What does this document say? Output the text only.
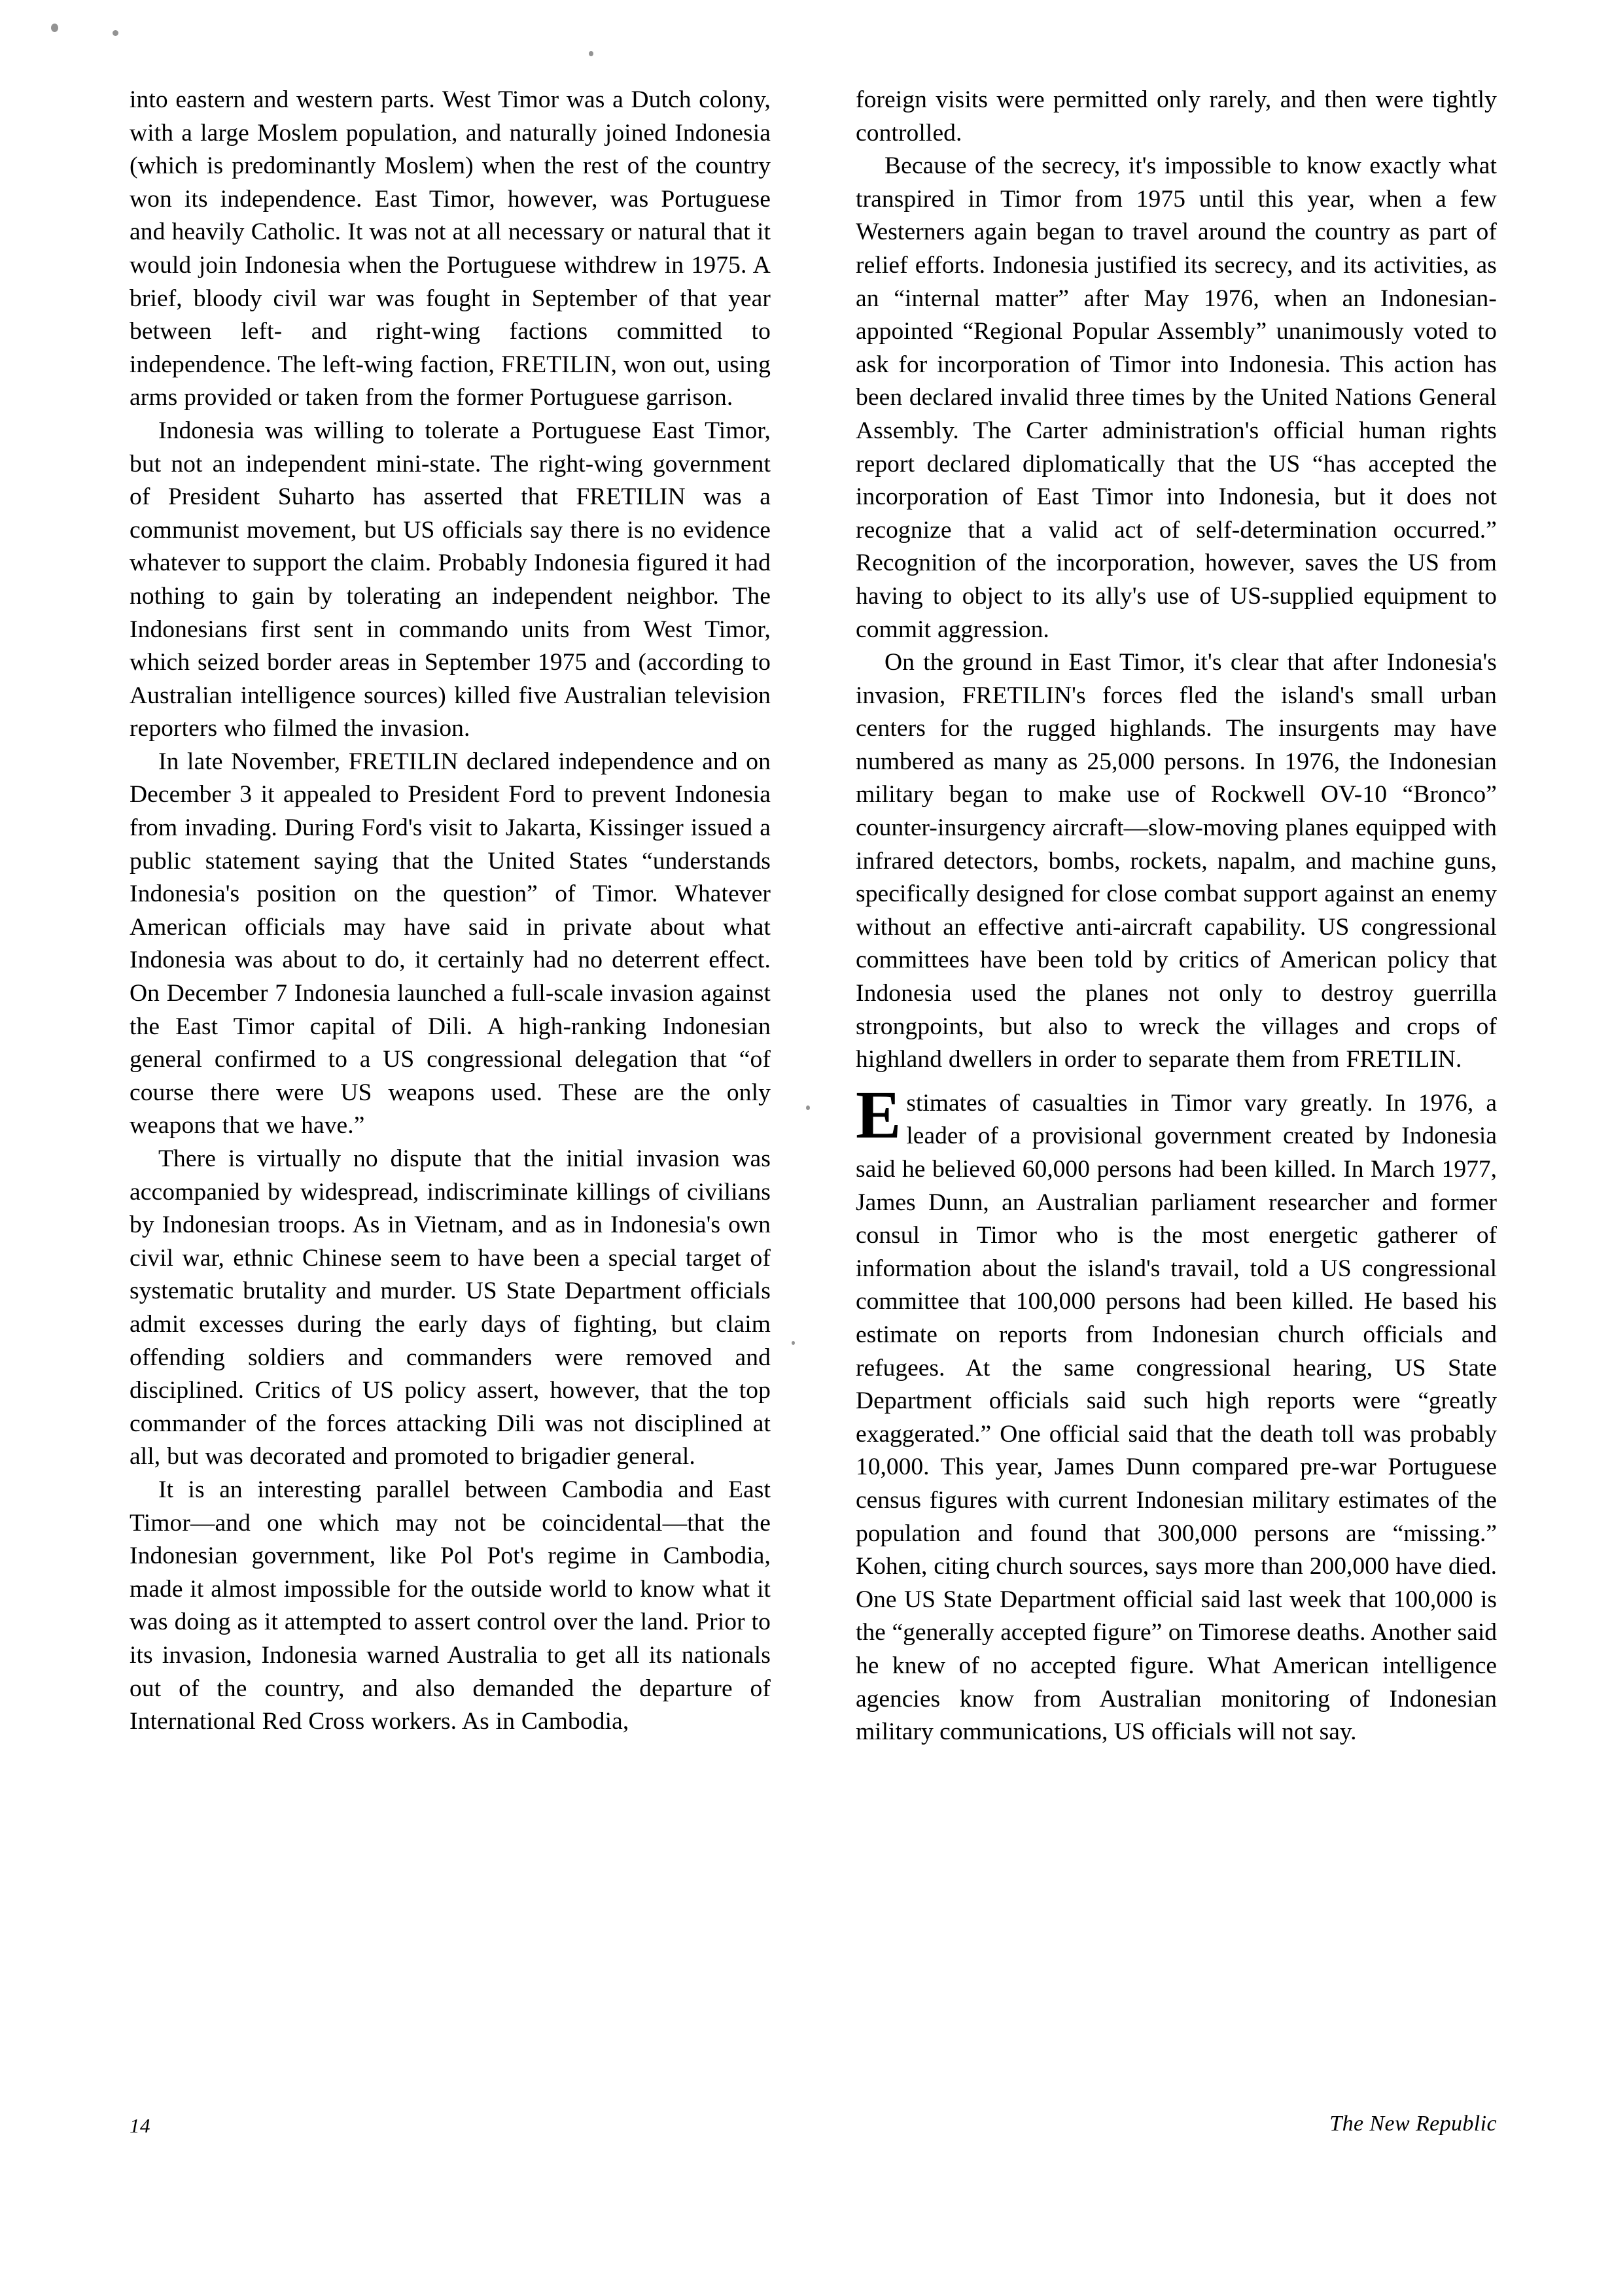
into eastern and western parts. West Timor was a Dutch colony, with a large Moslem population, and naturally joined Indonesia (which is predominantly Moslem) when the rest of the country won its independence. East Timor, however, was Portuguese and heavily Catholic. It was not at all necessary or natural that it would join Indonesia when the Portuguese withdrew in 1975. A brief, bloody civil war was fought in September of that year between left- and right-wing factions committed to independence. The left-wing faction, FRETILIN, won out, using arms provided or taken from the former Portuguese garrison.

Indonesia was willing to tolerate a Portuguese East Timor, but not an independent mini-state. The right-wing government of President Suharto has asserted that FRETILIN was a communist movement, but US officials say there is no evidence whatever to support the claim. Probably Indonesia figured it had nothing to gain by tolerating an independent neighbor. The Indonesians first sent in commando units from West Timor, which seized border areas in September 1975 and (according to Australian intelligence sources) killed five Australian television reporters who filmed the invasion.

In late November, FRETILIN declared independence and on December 3 it appealed to President Ford to prevent Indonesia from invading. During Ford's visit to Jakarta, Kissinger issued a public statement saying that the United States “understands Indonesia's position on the question” of Timor. Whatever American officials may have said in private about what Indonesia was about to do, it certainly had no deterrent effect. On December 7 Indonesia launched a full-scale invasion against the East Timor capital of Dili. A high-ranking Indonesian general confirmed to a US congressional delegation that “of course there were US weapons used. These are the only weapons that we have.”

There is virtually no dispute that the initial invasion was accompanied by widespread, indiscriminate killings of civilians by Indonesian troops. As in Vietnam, and as in Indonesia's own civil war, ethnic Chinese seem to have been a special target of systematic brutality and murder. US State Department officials admit excesses during the early days of fighting, but claim offending soldiers and commanders were removed and disciplined. Critics of US policy assert, however, that the top commander of the forces attacking Dili was not disciplined at all, but was decorated and promoted to brigadier general.

It is an interesting parallel between Cambodia and East Timor—and one which may not be coincidental—that the Indonesian government, like Pol Pot's regime in Cambodia, made it almost impossible for the outside world to know what it was doing as it attempted to assert control over the land. Prior to its invasion, Indonesia warned Australia to get all its nationals out of the country, and also demanded the departure of International Red Cross workers. As in Cambodia,

foreign visits were permitted only rarely, and then were tightly controlled.

Because of the secrecy, it's impossible to know exactly what transpired in Timor from 1975 until this year, when a few Westerners again began to travel around the country as part of relief efforts. Indonesia justified its secrecy, and its activities, as an “internal matter” after May 1976, when an Indonesian-appointed “Regional Popular Assembly” unanimously voted to ask for incorporation of Timor into Indonesia. This action has been declared invalid three times by the United Nations General Assembly. The Carter administration's official human rights report declared diplomatically that the US “has accepted the incorporation of East Timor into Indonesia, but it does not recognize that a valid act of self-determination occurred.” Recognition of the incorporation, however, saves the US from having to object to its ally's use of US-supplied equipment to commit aggression.

On the ground in East Timor, it's clear that after Indonesia's invasion, FRETILIN's forces fled the island's small urban centers for the rugged highlands. The insurgents may have numbered as many as 25,000 persons. In 1976, the Indonesian military began to make use of Rockwell OV-10 “Bronco” counter-insurgency aircraft—slow-moving planes equipped with infrared detectors, bombs, rockets, napalm, and machine guns, specifically designed for close combat support against an enemy without an effective anti-aircraft capability. US congressional committees have been told by critics of American policy that Indonesia used the planes not only to destroy guerrilla strongpoints, but also to wreck the villages and crops of highland dwellers in order to separate them from FRETILIN.

Estimates of casualties in Timor vary greatly. In 1976, a leader of a provisional government created by Indonesia said he believed 60,000 persons had been killed. In March 1977, James Dunn, an Australian parliament researcher and former consul in Timor who is the most energetic gatherer of information about the island's travail, told a US congressional committee that 100,000 persons had been killed. He based his estimate on reports from Indonesian church officials and refugees. At the same congressional hearing, US State Department officials said such high reports were “greatly exaggerated.” One official said that the death toll was probably 10,000. This year, James Dunn compared pre-war Portuguese census figures with current Indonesian military estimates of the population and found that 300,000 persons are “missing.” Kohen, citing church sources, says more than 200,000 have died. One US State Department official said last week that 100,000 is the “generally accepted figure” on Timorese deaths. Another said he knew of no accepted figure. What American intelligence agencies know from Australian monitoring of Indonesian military communications, US officials will not say.

14	The New Republic
